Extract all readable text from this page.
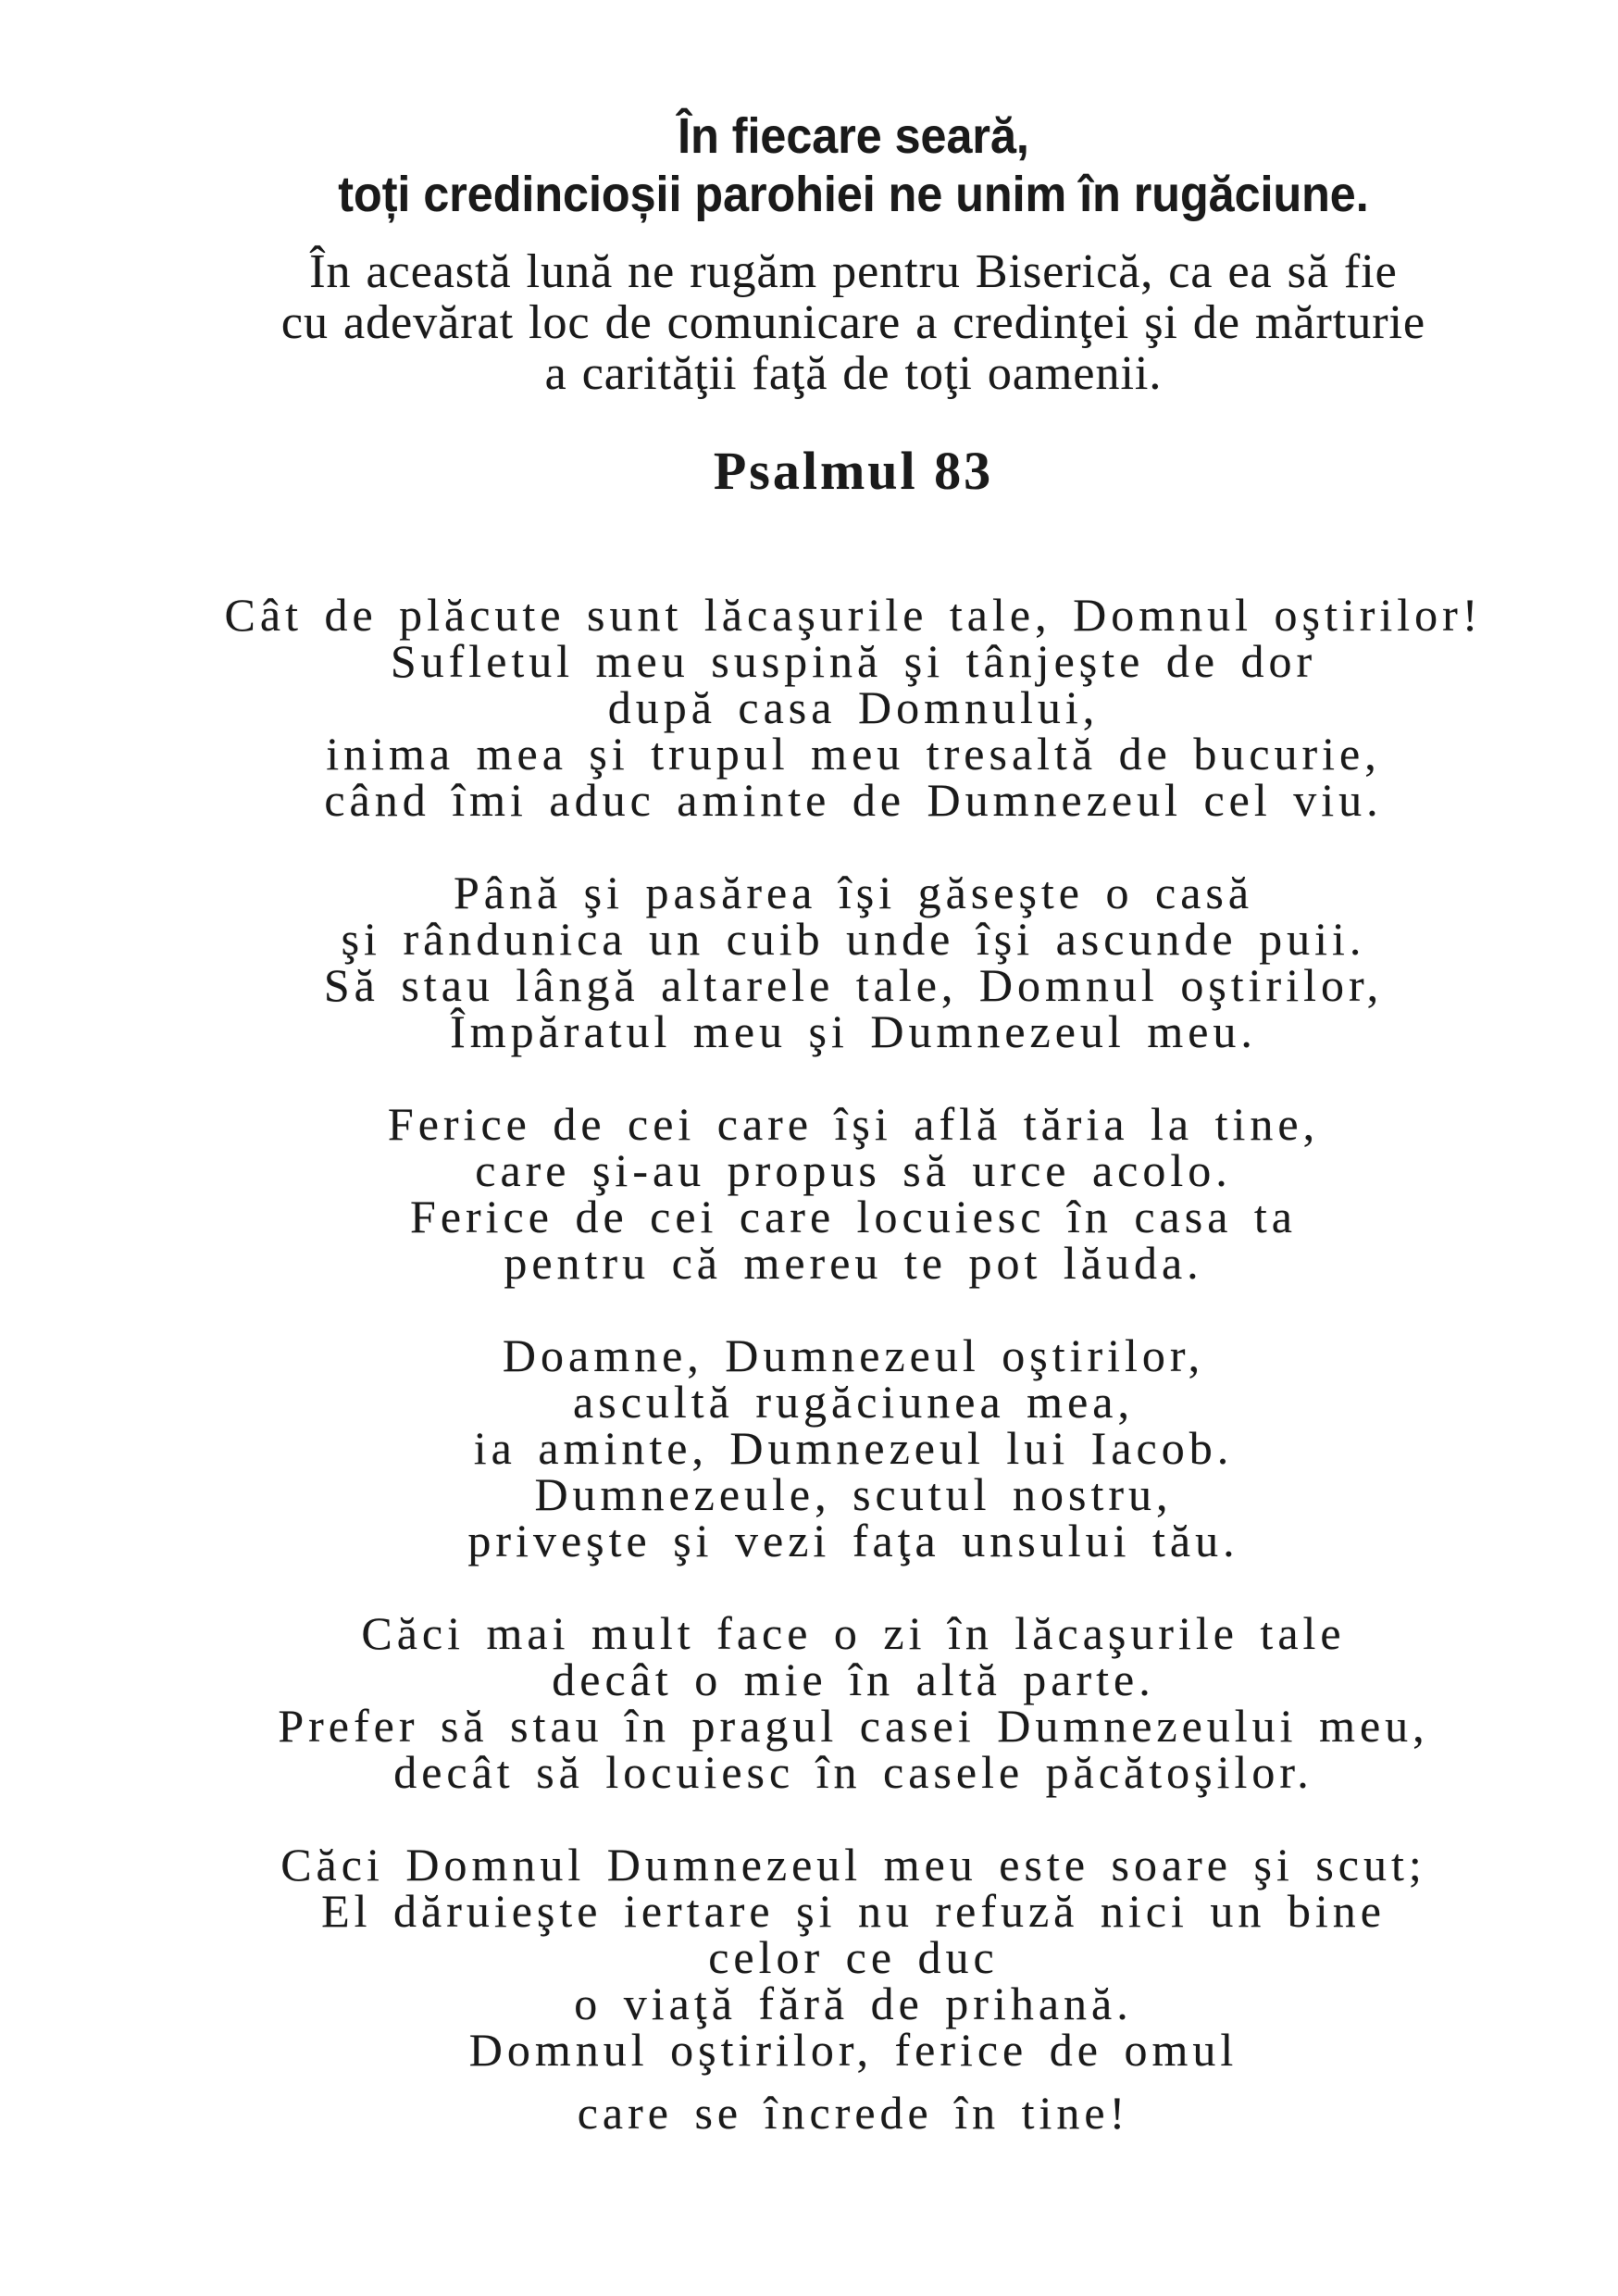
În fiecare seară,
toți credincioșii parohiei ne unim în rugăciune.
În această lună ne rugăm pentru Biserică, ca ea să fie
cu adevărat loc de comunicare a credinţei şi de mărturie
a carităţii faţă de toţi oamenii.
Psalmul 83
Cât de plăcute sunt lăcaşurile tale, Domnul oştirilor!
Sufletul meu suspină şi tânjeşte de dor
după casa Domnului,
inima mea şi trupul meu tresaltă de bucurie,
când îmi aduc aminte de Dumnezeul cel viu.
Până şi pasărea îşi găseşte o casă
şi rândunica un cuib unde îşi ascunde puii.
Să stau lângă altarele tale, Domnul oştirilor,
Împăratul meu şi Dumnezeul meu.
Ferice de cei care îşi află tăria la tine,
care şi-au propus să urce acolo.
Ferice de cei care locuiesc în casa ta
pentru că mereu te pot lăuda.
Doamne, Dumnezeul oştirilor,
ascultă rugăciunea mea,
ia aminte, Dumnezeul lui Iacob.
Dumnezeule, scutul nostru,
priveşte şi vezi faţa unsului tău.
Căci mai mult face o zi în lăcaşurile tale
decât o mie în altă parte.
Prefer să stau în pragul casei Dumnezeului meu,
decât să locuiesc în casele păcătoşilor.
Căci Domnul Dumnezeul meu este soare şi scut;
El dăruieşte iertare şi nu refuză nici un bine
celor ce duc
o viaţă fără de prihană.
Domnul oştirilor, ferice de omul
care se încrede în tine!
